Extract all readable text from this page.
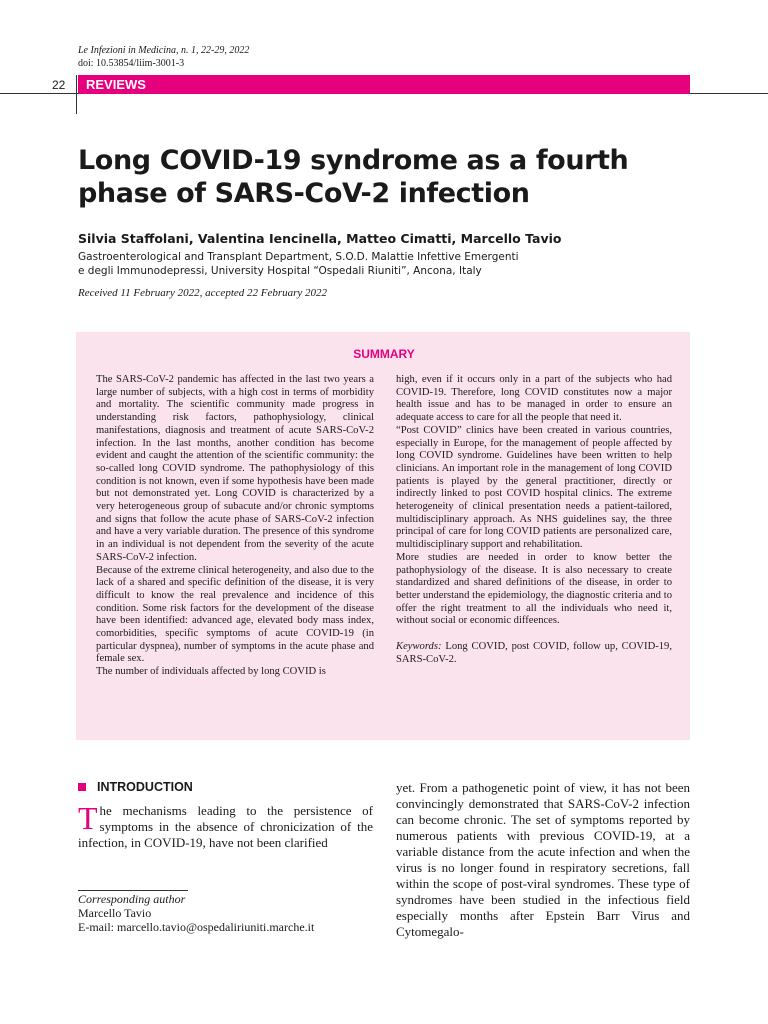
Le Infezioni in Medicina, n. 1, 22-29, 2022
doi: 10.53854/liim-3001-3
22	REVIEWS
Long COVID-19 syndrome as a fourth phase of SARS-CoV-2 infection
Silvia Staffolani, Valentina Iencinella, Matteo Cimatti, Marcello Tavio
Gastroenterological and Transplant Department, S.O.D. Malattie Infettive Emergenti
e degli Immunodepressi, University Hospital “Ospedali Riuniti”, Ancona, Italy
Received 11 February 2022, accepted 22 February 2022
SUMMARY

The SARS-CoV-2 pandemic has affected in the last two years a large number of subjects, with a high cost in terms of morbidity and mortality. The scientific community made progress in understanding risk factors, pathophysiology, clinical manifestations, diagnosis and treatment of acute SARS-CoV-2 infection. In the last months, another condition has become evident and caught the attention of the scientific community: the so-called long COVID syndrome. The pathophysiology of this condition is not known, even if some hypothesis have been made but not demonstrated yet. Long COVID is characterized by a very heterogeneous group of subacute and/or chronic symptoms and signs that follow the acute phase of SARS-CoV-2 infection and have a very variable duration. The presence of this syndrome in an individual is not dependent from the severity of the acute SARS-CoV-2 infection.

Because of the extreme clinical heterogeneity, and also due to the lack of a shared and specific definition of the disease, it is very difficult to know the real prevalence and incidence of this condition. Some risk factors for the development of the disease have been identified: advanced age, elevated body mass index, comorbidities, specific symptoms of acute COVID-19 (in particular dyspnea), number of symptoms in the acute phase and female sex.

The number of individuals affected by long COVID is

high, even if it occurs only in a part of the subjects who had COVID-19. Therefore, long COVID constitutes now a major health issue and has to be managed in order to ensure an adequate access to care for all the people that need it.

“Post COVID” clinics have been created in various countries, especially in Europe, for the management of people affected by long COVID syndrome. Guidelines have been written to help clinicians. An important role in the management of long COVID patients is played by the general practitioner, directly or indirectly linked to post COVID hospital clinics. The extreme heterogeneity of clinical presentation needs a patient-tailored, multidisciplinary approach. As NHS guidelines say, the three principal of care for long COVID patients are personalized care, multidisciplinary support and rehabilitation.

More studies are needed in order to know better the pathophysiology of the disease. It is also necessary to create standardized and shared definitions of the disease, in order to better understand the epidemiology, the diagnostic criteria and to offer the right treatment to all the individuals who need it, without social or economic diffeences.

Keywords: Long COVID, post COVID, follow up, COVID-19, SARS-CoV-2.

INTRODUCTION
The mechanisms leading to the persistence of symptoms in the absence of chronicization of the infection, in COVID-19, have not been clarified
yet. From a pathogenetic point of view, it has not been convincingly demonstrated that SARS-CoV-2 infection can become chronic. The set of symptoms reported by numerous patients with previous COVID-19, at a variable distance from the acute infection and when the virus is no longer found in respiratory secretions, fall within the scope of post-viral syndromes. These type of syndromes have been studied in the infectious field especially months after Epstein Barr Virus and Cytomegalo-
Corresponding author
Marcello Tavio
E-mail: marcello.tavio@ospedaliriuniti.marche.it
